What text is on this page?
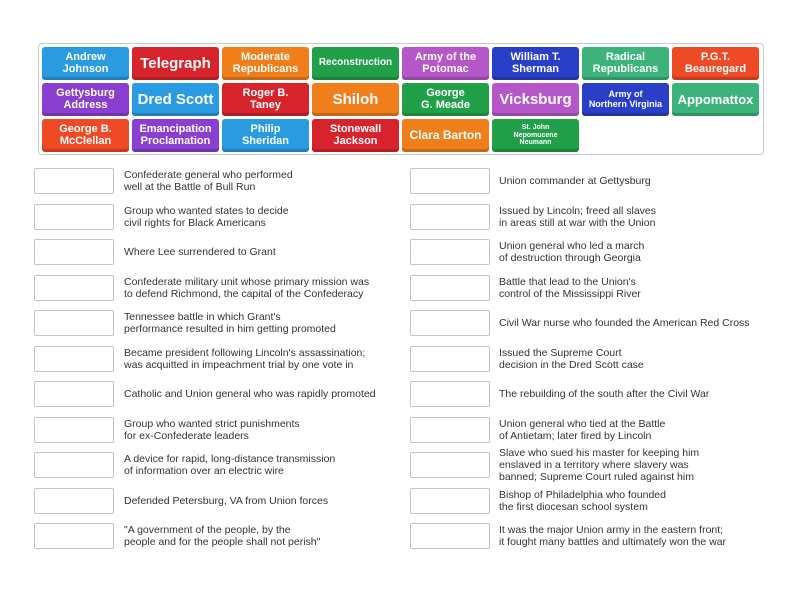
Andrew
Johnson Telegraph	Moderate
Republicans Reconstruction Army of the
Potomac
William T.
Sherman
Radical
Republicans
P.G.T.
Beauregard
Gettysburg
Address	Dred Scott	Roger B.
Taney	Shiloh	George
G. Meade Vicksburg	Army of
Northern Virginia Appomattox
George B.
McClellan
Emancipation
Proclamation
Philip
Sheridan
Stonewall
Jackson	Clara Barton
St. John
Nepomucene
Neumann
Confederate general who performed
well at the Battle of Bull Run
Group who wanted states to decide
civil rights for Black Americans
Where Lee surrendered to Grant
Confederate military unit whose primary mission was
to defend Richmond, the capital of the Confederacy
Tennessee battle in which Grant's
performance resulted in him getting promoted
Became president following Lincoln's assassination;
was acquitted in impeachment trial by one vote in
Catholic and Union general who was rapidly promoted
Group who wanted strict punishments
for ex-Confederate leaders
A device for rapid, long-distance transmission
of information over an electric wire
Defended Petersburg, VA from Union forces
"A government of the people, by the
people and for the people shall not perish"
Union commander at Gettysburg
Issued by Lincoln; freed all slaves
in areas still at war with the Union
Union general who led a march
of destruction through Georgia
Battle that lead to the Union's
control of the Mississippi River
Civil War nurse who founded the American Red Cross
Issued the Supreme Court
decision in the Dred Scott case
The rebuilding of the south after the Civil War
Union general who tied at the Battle
of Antietam; later fired by Lincoln
Slave who sued his master for keeping him
enslaved in a territory where slavery was
banned; Supreme Court ruled against him
Bishop of Philadelphia who founded
the first diocesan school system
It was the major Union army in the eastern front;
it fought many battles and ultimately won the war
